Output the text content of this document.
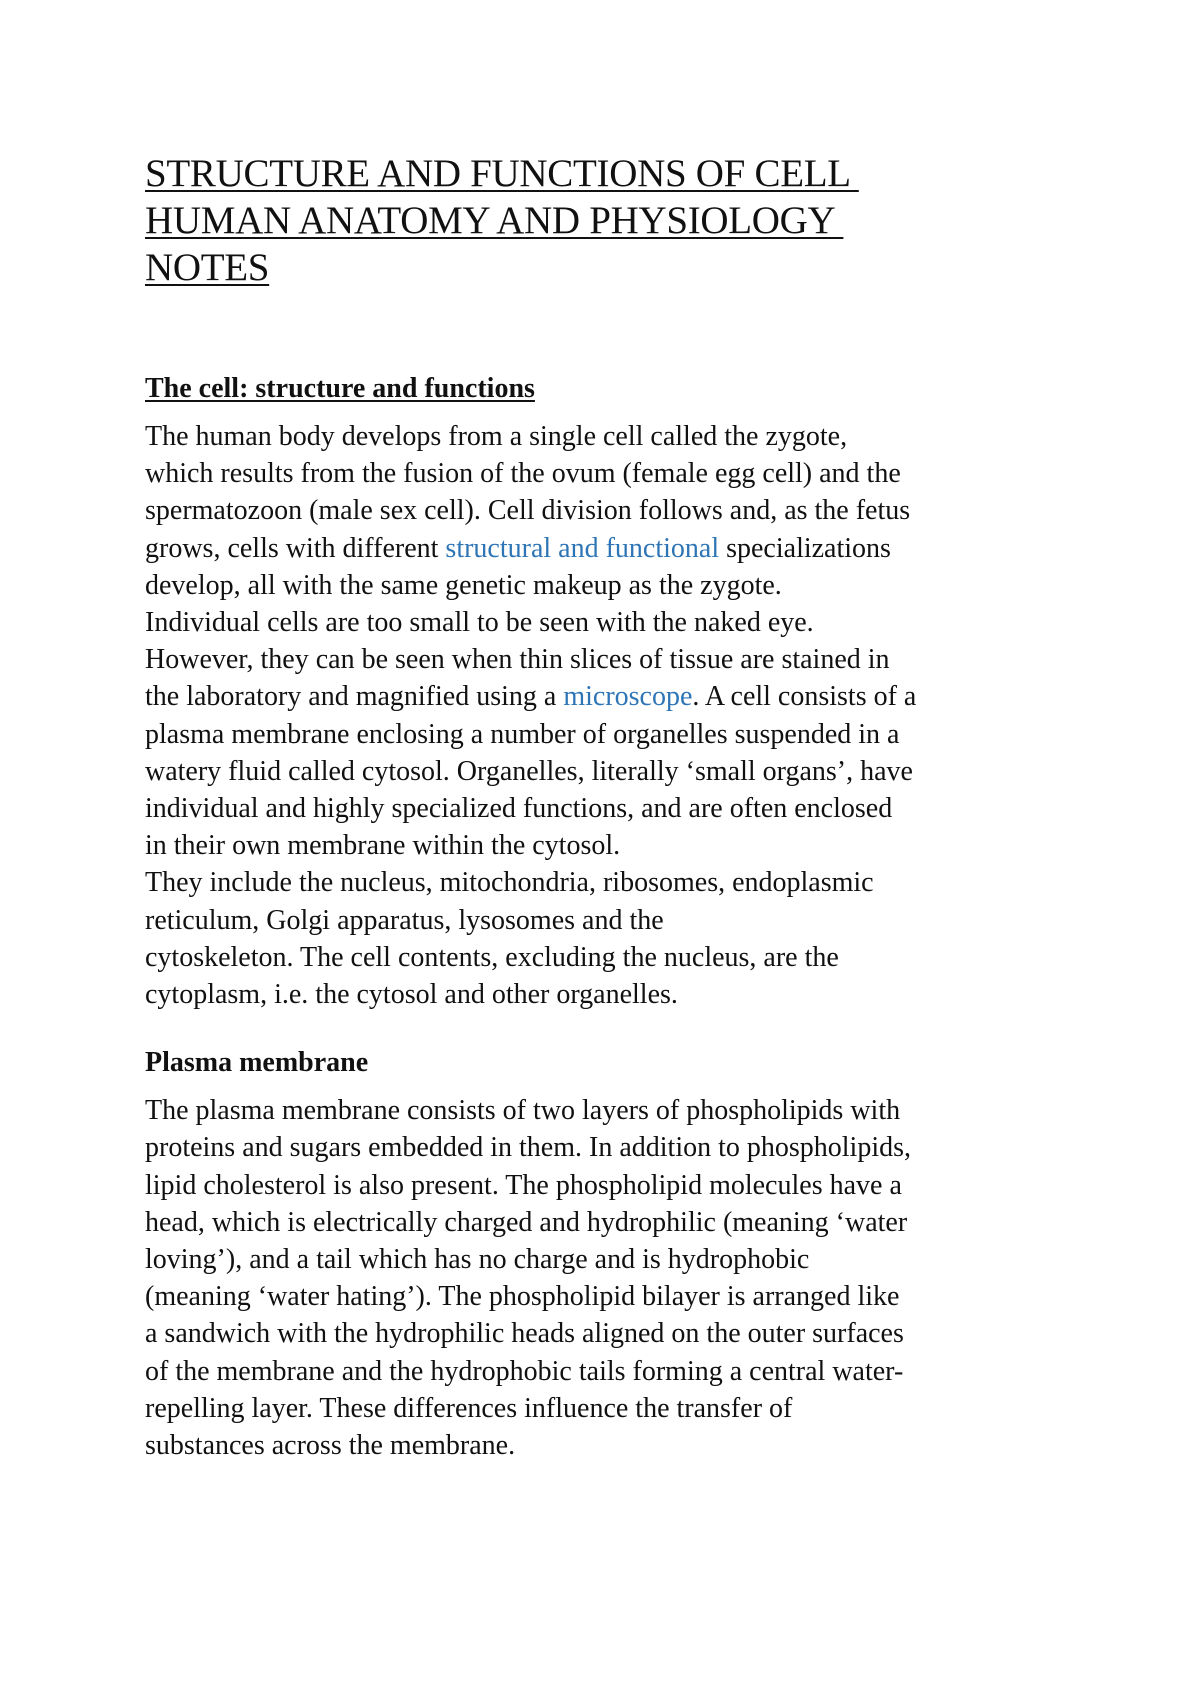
STRUCTURE AND FUNCTIONS OF CELL
HUMAN ANATOMY AND PHYSIOLOGY
NOTES
The cell: structure and functions

The human body develops from a single cell called the zygote,
which results from the fusion of the ovum (female egg cell) and the
spermatozoon (male sex cell). Cell division follows and, as the fetus
grows, cells with different structural and functional specializations
develop, all with the same genetic makeup as the zygote.
Individual cells are too small to be seen with the naked eye.
However, they can be seen when thin slices of tissue are stained in
the laboratory and magnified using a microscope. A cell consists of a
plasma membrane enclosing a number of organelles suspended in a
watery fluid called cytosol. Organelles, literally ‘small organs’, have
individual and highly specialized functions, and are often enclosed
in their own membrane within the cytosol.
They include the nucleus, mitochondria, ribosomes, endoplasmic
reticulum, Golgi apparatus, lysosomes and the
cytoskeleton. The cell contents, excluding the nucleus, are the
cytoplasm, i.e. the cytosol and other organelles.

Plasma membrane

The plasma membrane consists of two layers of phospholipids with
proteins and sugars embedded in them. In addition to phospholipids,
lipid cholesterol is also present. The phospholipid molecules have a
head, which is electrically charged and hydrophilic (meaning ‘water
loving’), and a tail which has no charge and is hydrophobic
(meaning ‘water hating’). The phospholipid bilayer is arranged like
a sandwich with the hydrophilic heads aligned on the outer surfaces
of the membrane and the hydrophobic tails forming a central water-
repelling layer. These differences influence the transfer of
substances across the membrane.
